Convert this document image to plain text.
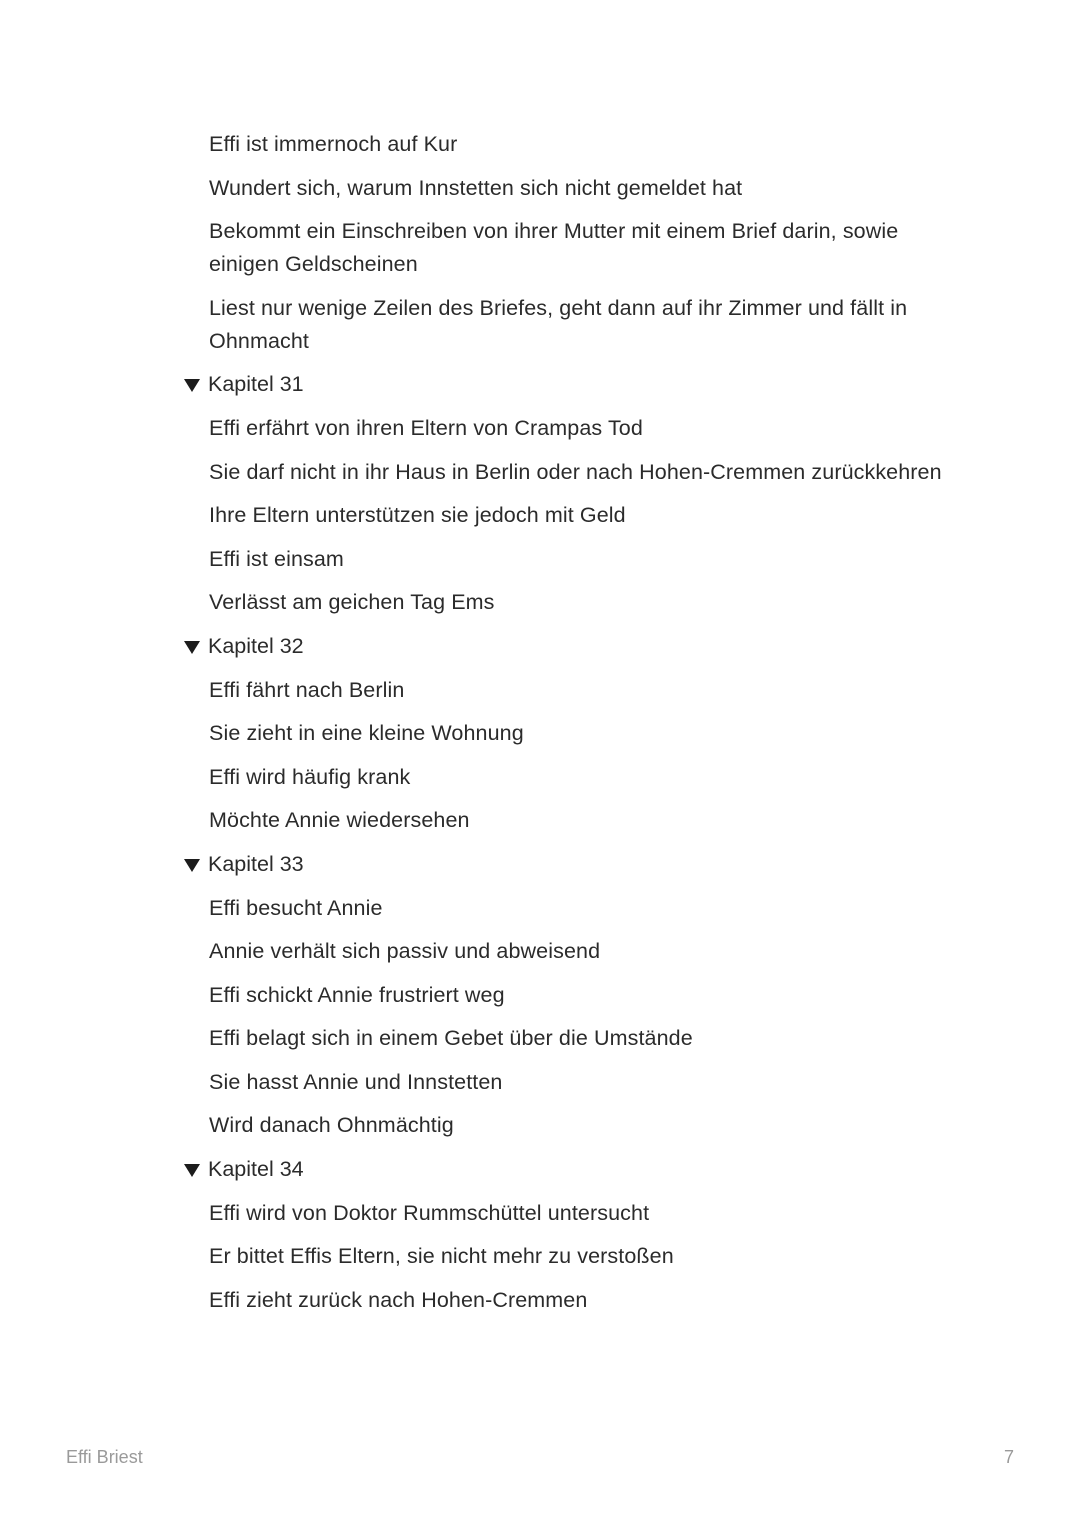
Effi ist immernoch auf Kur
Wundert sich, warum Innstetten sich nicht gemeldet hat
Bekommt ein Einschreiben von ihrer Mutter mit einem Brief darin, sowie einigen Geldscheinen
Liest nur wenige Zeilen des Briefes, geht dann auf ihr Zimmer und fällt in Ohnmacht
Kapitel 31
Effi erfährt von ihren Eltern von Crampas Tod
Sie darf nicht in ihr Haus in Berlin oder nach Hohen-Cremmen zurückkehren
Ihre Eltern unterstützen sie jedoch mit Geld
Effi ist einsam
Verlässt am geichen Tag Ems
Kapitel 32
Effi fährt nach Berlin
Sie zieht in eine kleine Wohnung
Effi wird häufig krank
Möchte Annie wiedersehen
Kapitel 33
Effi besucht Annie
Annie verhält sich passiv und abweisend
Effi schickt Annie frustriert weg
Effi belagt sich in einem Gebet über die Umstände
Sie hasst Annie und Innstetten
Wird danach Ohnmächtig
Kapitel 34
Effi wird von Doktor Rummschüttel untersucht
Er bittet Effis Eltern, sie nicht mehr zu verstoßen
Effi zieht zurück nach Hohen-Cremmen
Effi Briest	7
